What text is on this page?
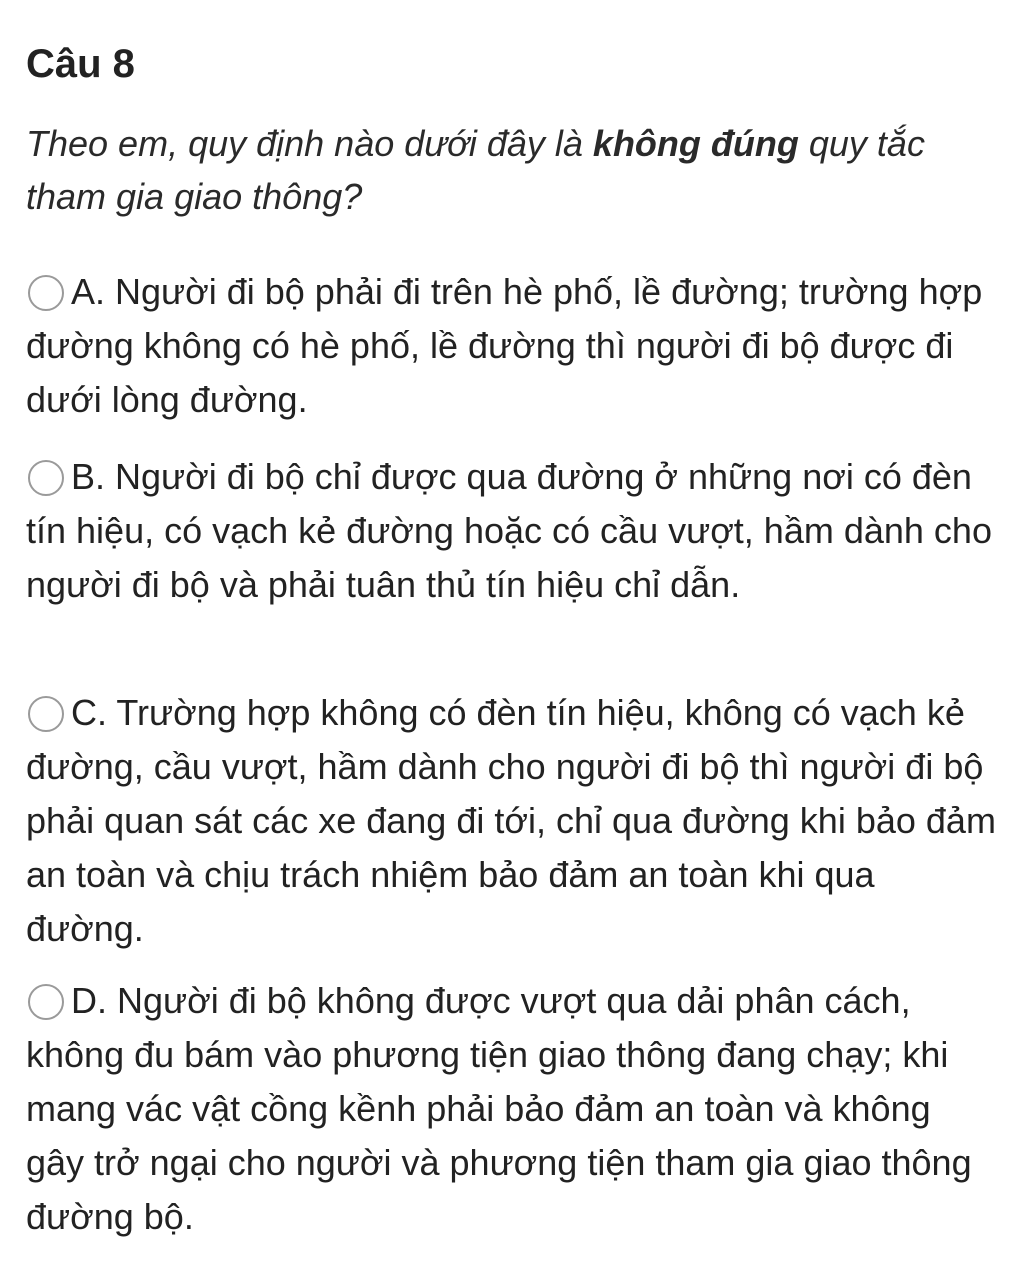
Câu 8

Theo em, quy định nào dưới đây là không đúng quy tắc tham gia giao thông?

A. Người đi bộ phải đi trên hè phố, lề đường; trường hợp đường không có hè phố, lề đường thì người đi bộ được đi dưới lòng đường.
B. Người đi bộ chỉ được qua đường ở những nơi có đèn tín hiệu, có vạch kẻ đường hoặc có cầu vượt, hầm dành cho người đi bộ và phải tuân thủ tín hiệu chỉ dẫn.
C. Trường hợp không có đèn tín hiệu, không có vạch kẻ đường, cầu vượt, hầm dành cho người đi bộ thì người đi bộ phải quan sát các xe đang đi tới, chỉ qua đường khi bảo đảm an toàn và chịu trách nhiệm bảo đảm an toàn khi qua đường.
D. Người đi bộ không được vượt qua dải phân cách, không đu bám vào phương tiện giao thông đang chạy; khi mang vác vật cồng kềnh phải bảo đảm an toàn và không gây trở ngại cho người và phương tiện tham gia giao thông đường bộ.
